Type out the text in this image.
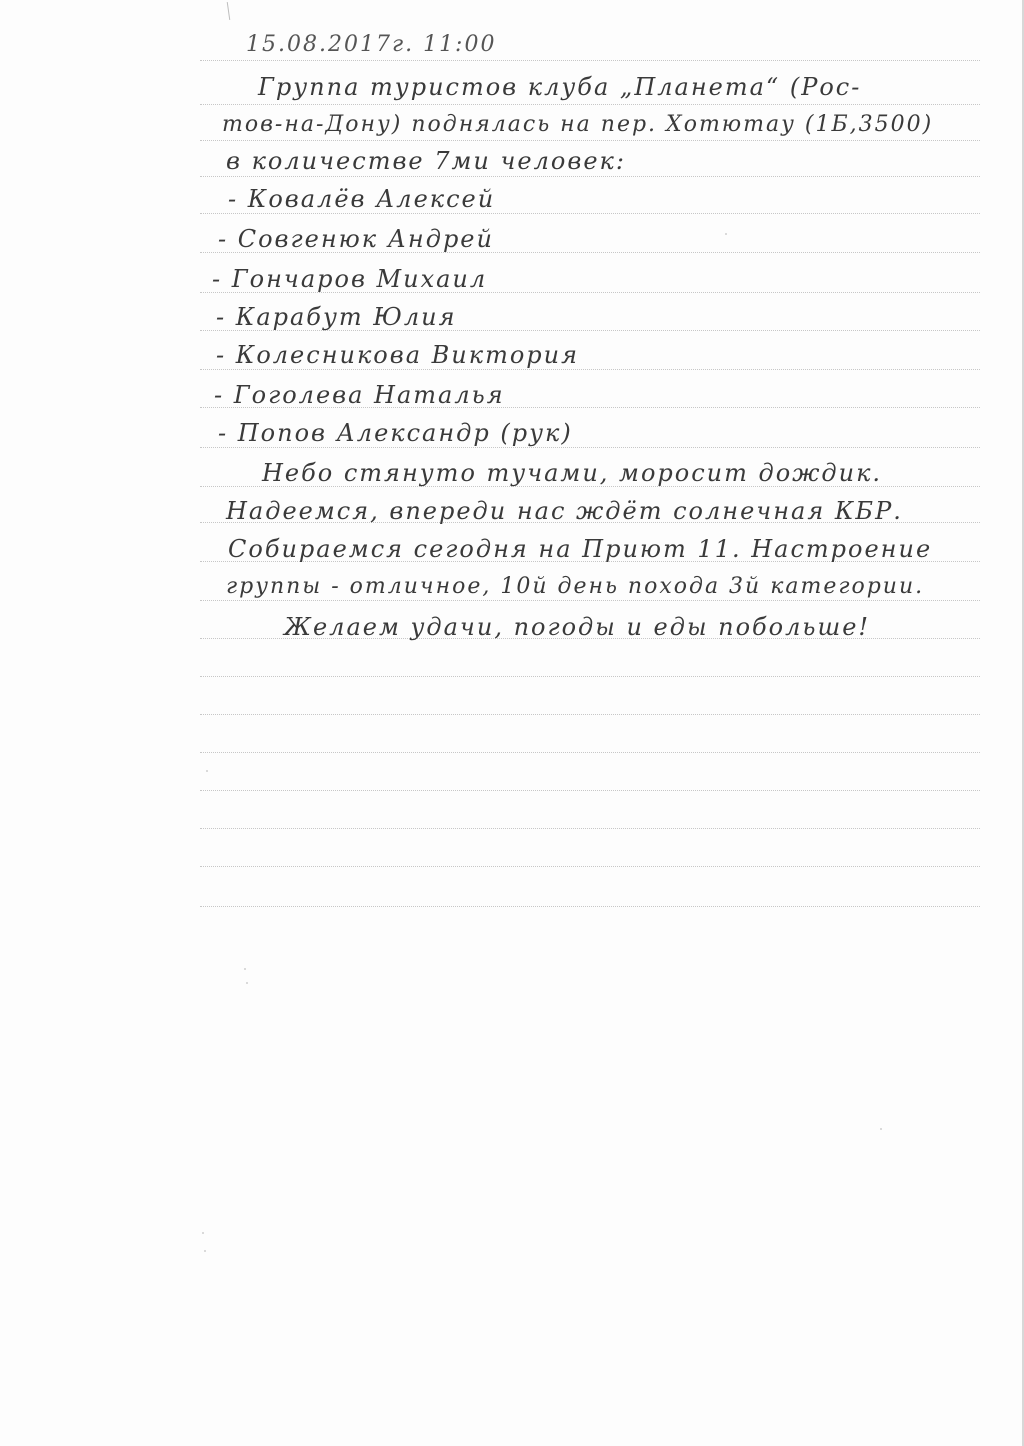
15.08.2017г. 11:00
Группа туристов клуба „Планета“ (Рос-
тов-на-Дону) поднялась на пер. Хотютау (1Б,3500)
в количестве 7ми человек:
- Ковалёв Алексей
- Совгенюк Андрей
- Гончаров Михаил
- Карабут Юлия
- Колесникова Виктория
- Гоголева Наталья
- Попов Александр (рук)
Небо стянуто тучами, моросит дождик.
Надеемся, впереди нас ждёт солнечная КБР.
Собираемся сегодня на Приют 11. Настроение
группы - отличное, 10й день похода 3й категории.
Желаем удачи, погоды и еды побольше!
